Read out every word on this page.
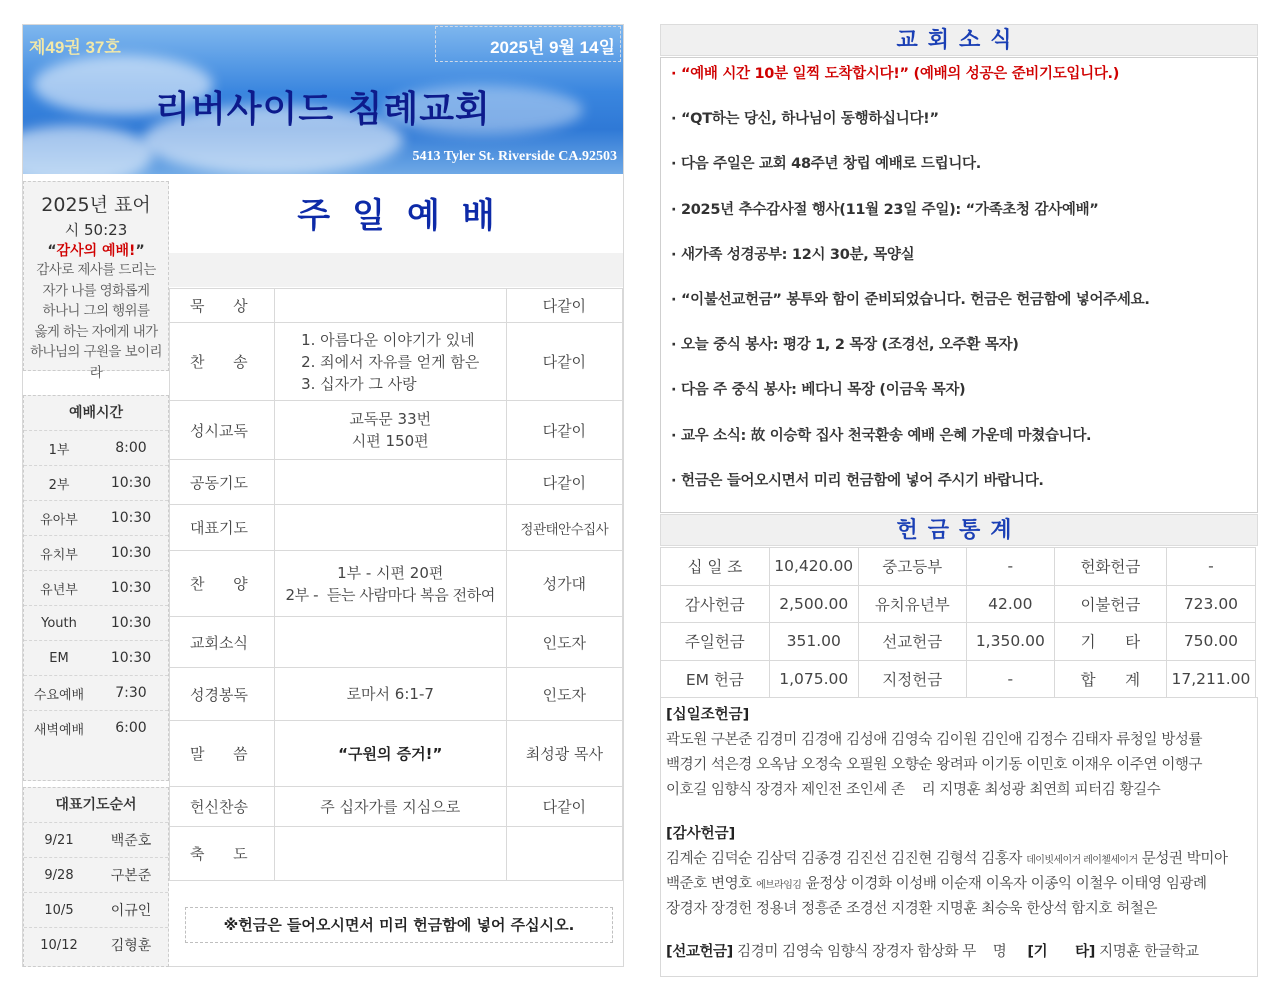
제49권 37호	2025년 9월 14일
리버사이드 침례교회
5413 Tyler St. Riverside CA.92503
2025년 표어
시 50:23
“감사의 예배!”
감사로 제사를 드리는
자가 나를 영화롭게
하나니 그의 행위를
옳게 하는 자에게 내가
하나님의 구원을 보이리라
예배시간
1부	8:00
2부	10:30
유아부	10:30
유치부	10:30
유년부	10:30
Youth	10:30
EM	10:30
수요예배	7:30
새벽예배	6:00
대표기도순서
9/21	백준호
9/28	구본준
10/5	이규인
10/12	김형훈
주일예배
묵      상		다같이
찬      송	1. 아름다운 이야기가 있네
2. 죄에서 자유를 얻게 함은
3. 십자가 그 사랑	다같이
성시교독	교독문 33번
시편 150편	다같이
공동기도		다같이
대표기도		정관태안수집사
찬      양	1부 - 시편 20편
2부 -  듣는 사람마다 복음 전하여	성가대
교회소식		인도자
성경봉독	로마서 6:1-7	인도자
말      씀	“구원의 증거!”	최성광 목사
헌신찬송	주 십자가를 지심으로	다같이
축      도		
※헌금은 들어오시면서 미리 헌금함에 넣어 주십시오.
교회소식
· “예배 시간 10분 일찍 도착합시다!” (예배의 성공은 준비기도입니다.)
· “QT하는 당신, 하나님이 동행하십니다!”
· 다음 주일은 교회 48주년 창립 예배로 드립니다.
· 2025년 추수감사절 행사(11월 23일 주일): “가족초청 감사예배”
· 새가족 성경공부: 12시 30분, 목양실
· “이불선교헌금” 봉투와 함이 준비되었습니다. 헌금은 헌금함에 넣어주세요.
· 오늘 중식 봉사: 평강 1, 2 목장 (조경선, 오주환 목자)
· 다음 주 중식 봉사: 베다니 목장 (이금욱 목자)
· 교우 소식: 故 이승학 집사 천국환송 예배 은혜 가운데 마쳤습니다.
· 헌금은 들어오시면서 미리 헌금함에 넣어 주시기 바랍니다.
헌금통계
십 일 조	10,420.00	중고등부	-	헌화헌금	-
감사헌금	2,500.00	유치유년부	42.00	이불헌금	723.00
주일헌금	351.00	선교헌금	1,350.00	기      타	750.00
EM 헌금	1,075.00	지정헌금	-	합      계	17,211.00
[십일조헌금]
곽도원 구본준 김경미 김경애 김성애 김영숙 김이원 김인애 김정수 김태자 류청일 방성률
백경기 석은경 오옥남 오정숙 오필원 오향순 왕려파 이기동 이민호 이재우 이주연 이행구
이호길 임향식 장경자 제인전 조인세 존    리 지명훈 최성광 최연희 피터김 황길수
[감사헌금]
김계순 김덕순 김삼덕 김종경 김진선 김진현 김형석 김홍자 데이빗세이거 레이첼세이거 문성권 박미아
백준호 변영호 에브라임김 윤정상 이경화 이성배 이순재 이옥자 이종익 이철우 이태영 임광례
장경자 장경헌 정용녀 정흥준 조경선 지경환 지명훈 최승욱 한상석 함지호 허철은
[선교헌금] 김경미 김영숙 임향식 장경자 함상화 무    명 [기      타] 지명훈 한글학교
